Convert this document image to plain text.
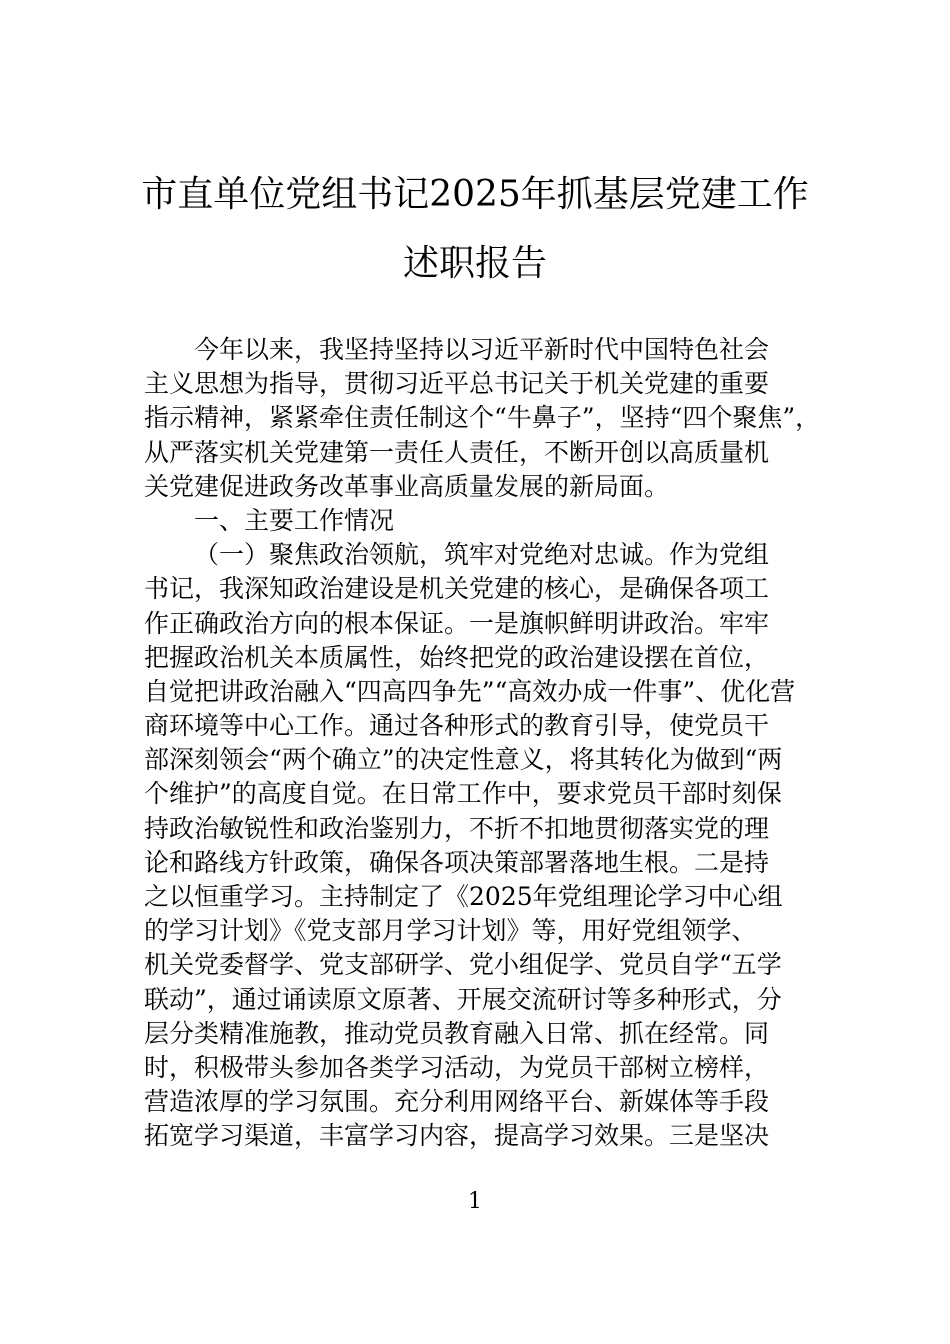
市直单位党组书记2025年抓基层党建工作
述职报告
今年以来，我坚持坚持以习近平新时代中国特色社会
主义思想为指导，贯彻习近平总书记关于机关党建的重要
指示精神，紧紧牵住责任制这个“牛鼻子”，坚持“四个聚焦”，
从严落实机关党建第一责任人责任，不断开创以高质量机
关党建促进政务改革事业高质量发展的新局面。
一、主要工作情况
（一）聚焦政治领航，筑牢对党绝对忠诚。作为党组
书记，我深知政治建设是机关党建的核心，是确保各项工
作正确政治方向的根本保证。一是旗帜鲜明讲政治。牢牢
把握政治机关本质属性，始终把党的政治建设摆在首位，
自觉把讲政治融入“四高四争先”“高效办成一件事”、优化营
商环境等中心工作。通过各种形式的教育引导，使党员干
部深刻领会“两个确立”的决定性意义，将其转化为做到“两
个维护”的高度自觉。在日常工作中，要求党员干部时刻保
持政治敏锐性和政治鉴别力，不折不扣地贯彻落实党的理
论和路线方针政策，确保各项决策部署落地生根。二是持
之以恒重学习。主持制定了《2025年党组理论学习中心组
的学习计划》《党支部月学习计划》等，用好党组领学、
机关党委督学、党支部研学、党小组促学、党员自学“五学
联动”，通过诵读原文原著、开展交流研讨等多种形式，分
层分类精准施教，推动党员教育融入日常、抓在经常。同
时，积极带头参加各类学习活动，为党员干部树立榜样，
营造浓厚的学习氛围。充分利用网络平台、新媒体等手段
拓宽学习渠道，丰富学习内容，提高学习效果。三是坚决
1
